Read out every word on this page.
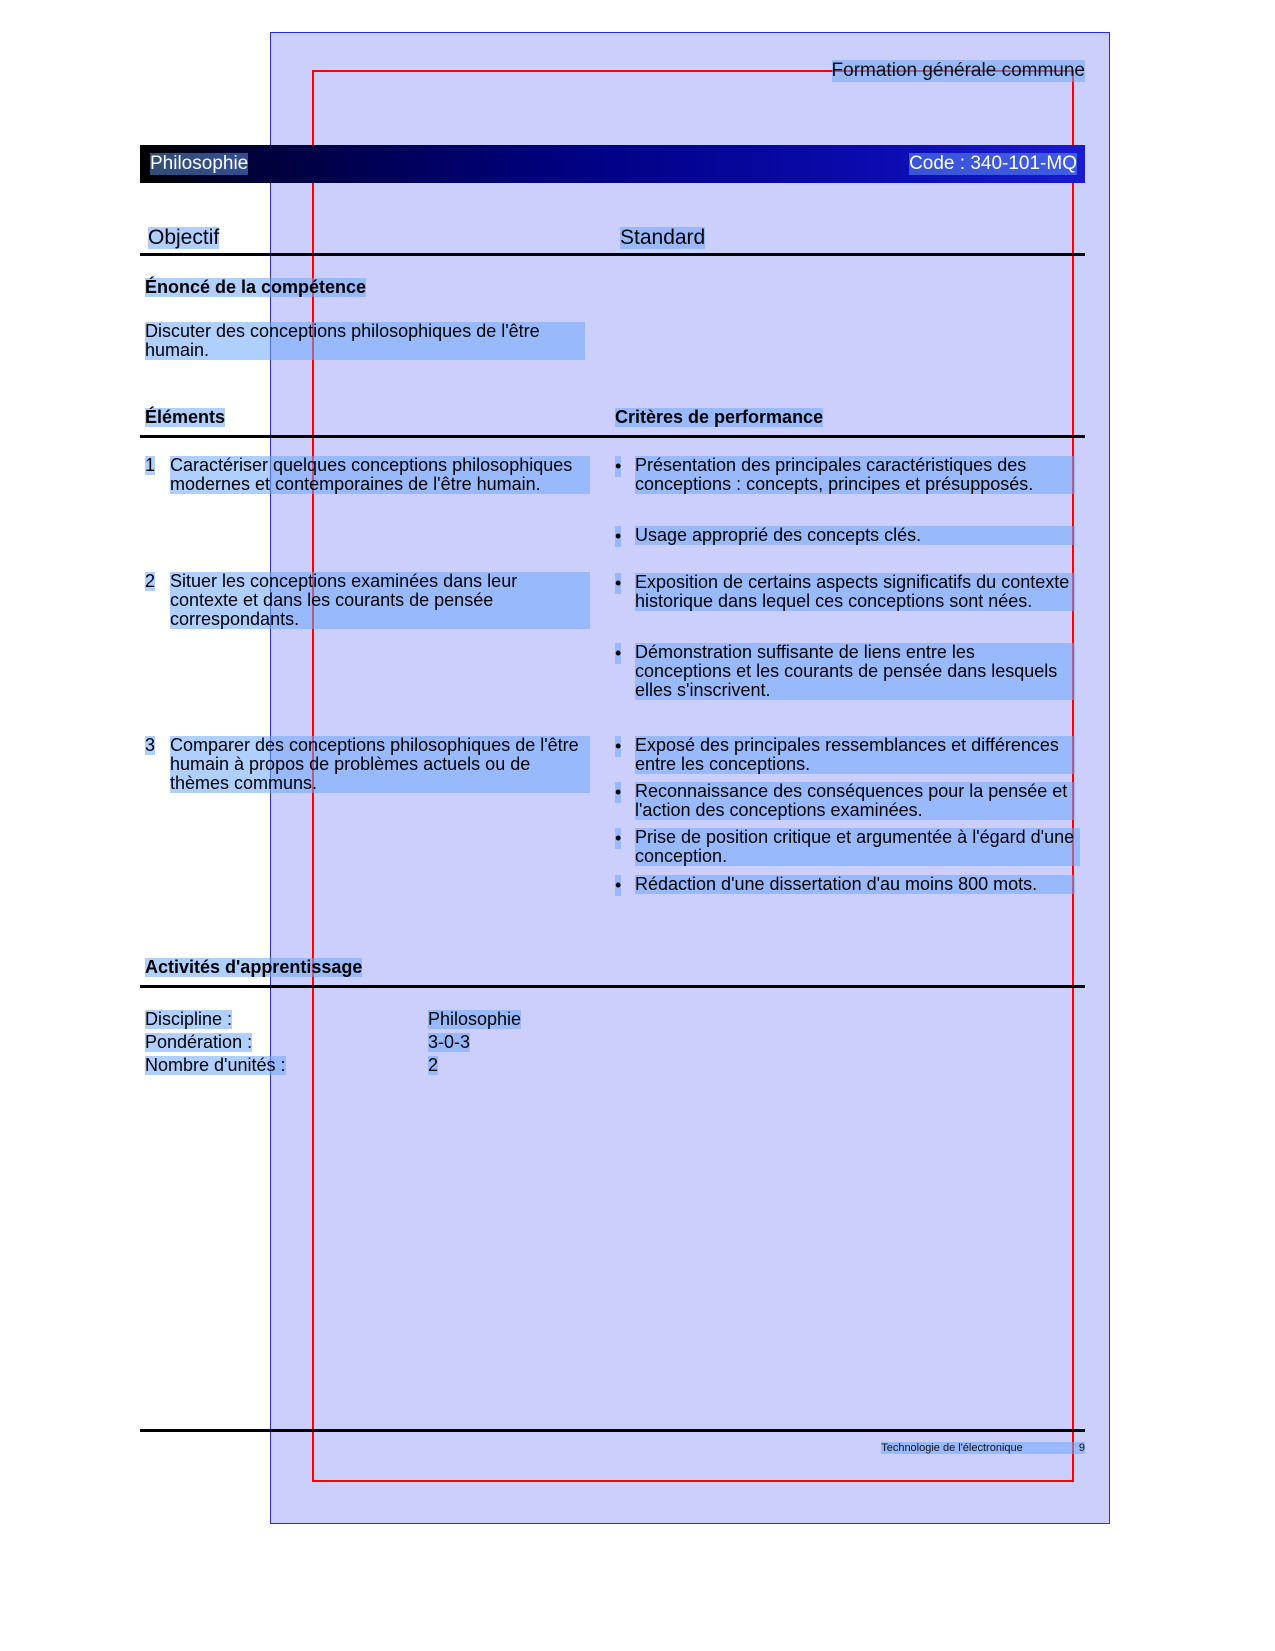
Formation générale commune
Philosophie	Code : 340-101-MQ
Objectif	Standard
Énoncé de la compétence
Discuter des conceptions philosophiques de l'être humain.
Éléments	Critères de performance
1 Caractériser quelques conceptions philosophiques modernes et contemporaines de l'être humain.
• Présentation des principales caractéristiques des conceptions : concepts, principes et présupposés.
• Usage approprié des concepts clés.
2 Situer les conceptions examinées dans leur contexte et dans les courants de pensée correspondants.
• Exposition de certains aspects significatifs du contexte historique dans lequel ces conceptions sont nées.
• Démonstration suffisante de liens entre les conceptions et les courants de pensée dans lesquels elles s'inscrivent.
3 Comparer des conceptions philosophiques de l'être humain à propos de problèmes actuels ou de thèmes communs.
• Exposé des principales ressemblances et différences entre les conceptions.
• Reconnaissance des conséquences pour la pensée et l'action des conceptions examinées.
• Prise de position critique et argumentée à l'égard d'une conception.
• Rédaction d'une dissertation d'au moins 800 mots.
Activités d'apprentissage
Discipline :	Philosophie
Pondération :	3-0-3
Nombre d'unités :	2
Technologie de l'électronique	9
